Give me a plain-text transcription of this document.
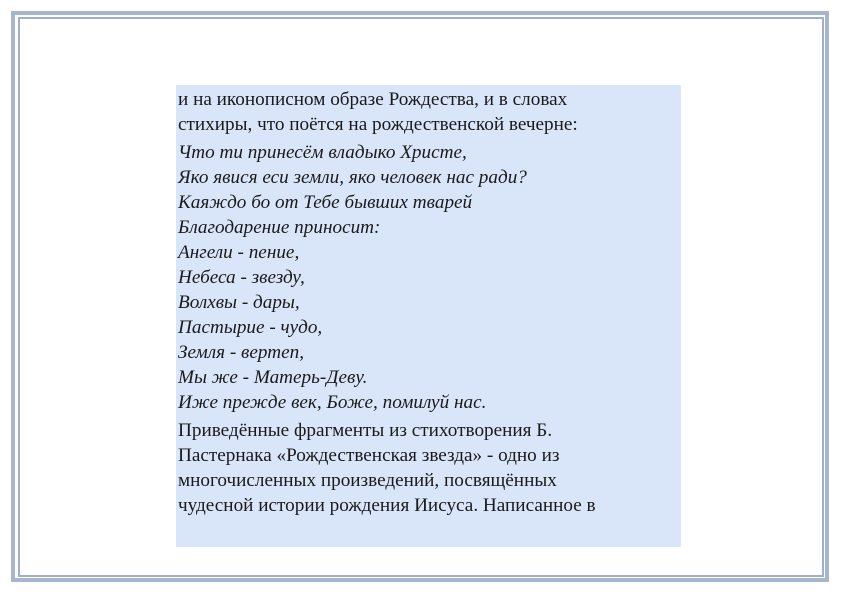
и на иконописном образе Рождества, и в словах
стихиры, что поётся на рождественской вечерне:

Что ти принесём владыко Христе,
Яко явися еси земли, яко человек нас ради?
Каяждо бо от Тебе бывших тварей
Благодарение приносит:
Ангели - пение,
Небеса - звезду,
Волхвы - дары,
Пастырие - чудо,
Земля - вертеп,
Мы же - Матерь-Деву.
Иже прежде век, Боже, помилуй нас.

Приведённые фрагменты из стихотворения Б.
Пастернака «Рождественская звезда» - одно из
многочисленных произведений, посвящённых
чудесной истории рождения Иисуса. Написанное в
